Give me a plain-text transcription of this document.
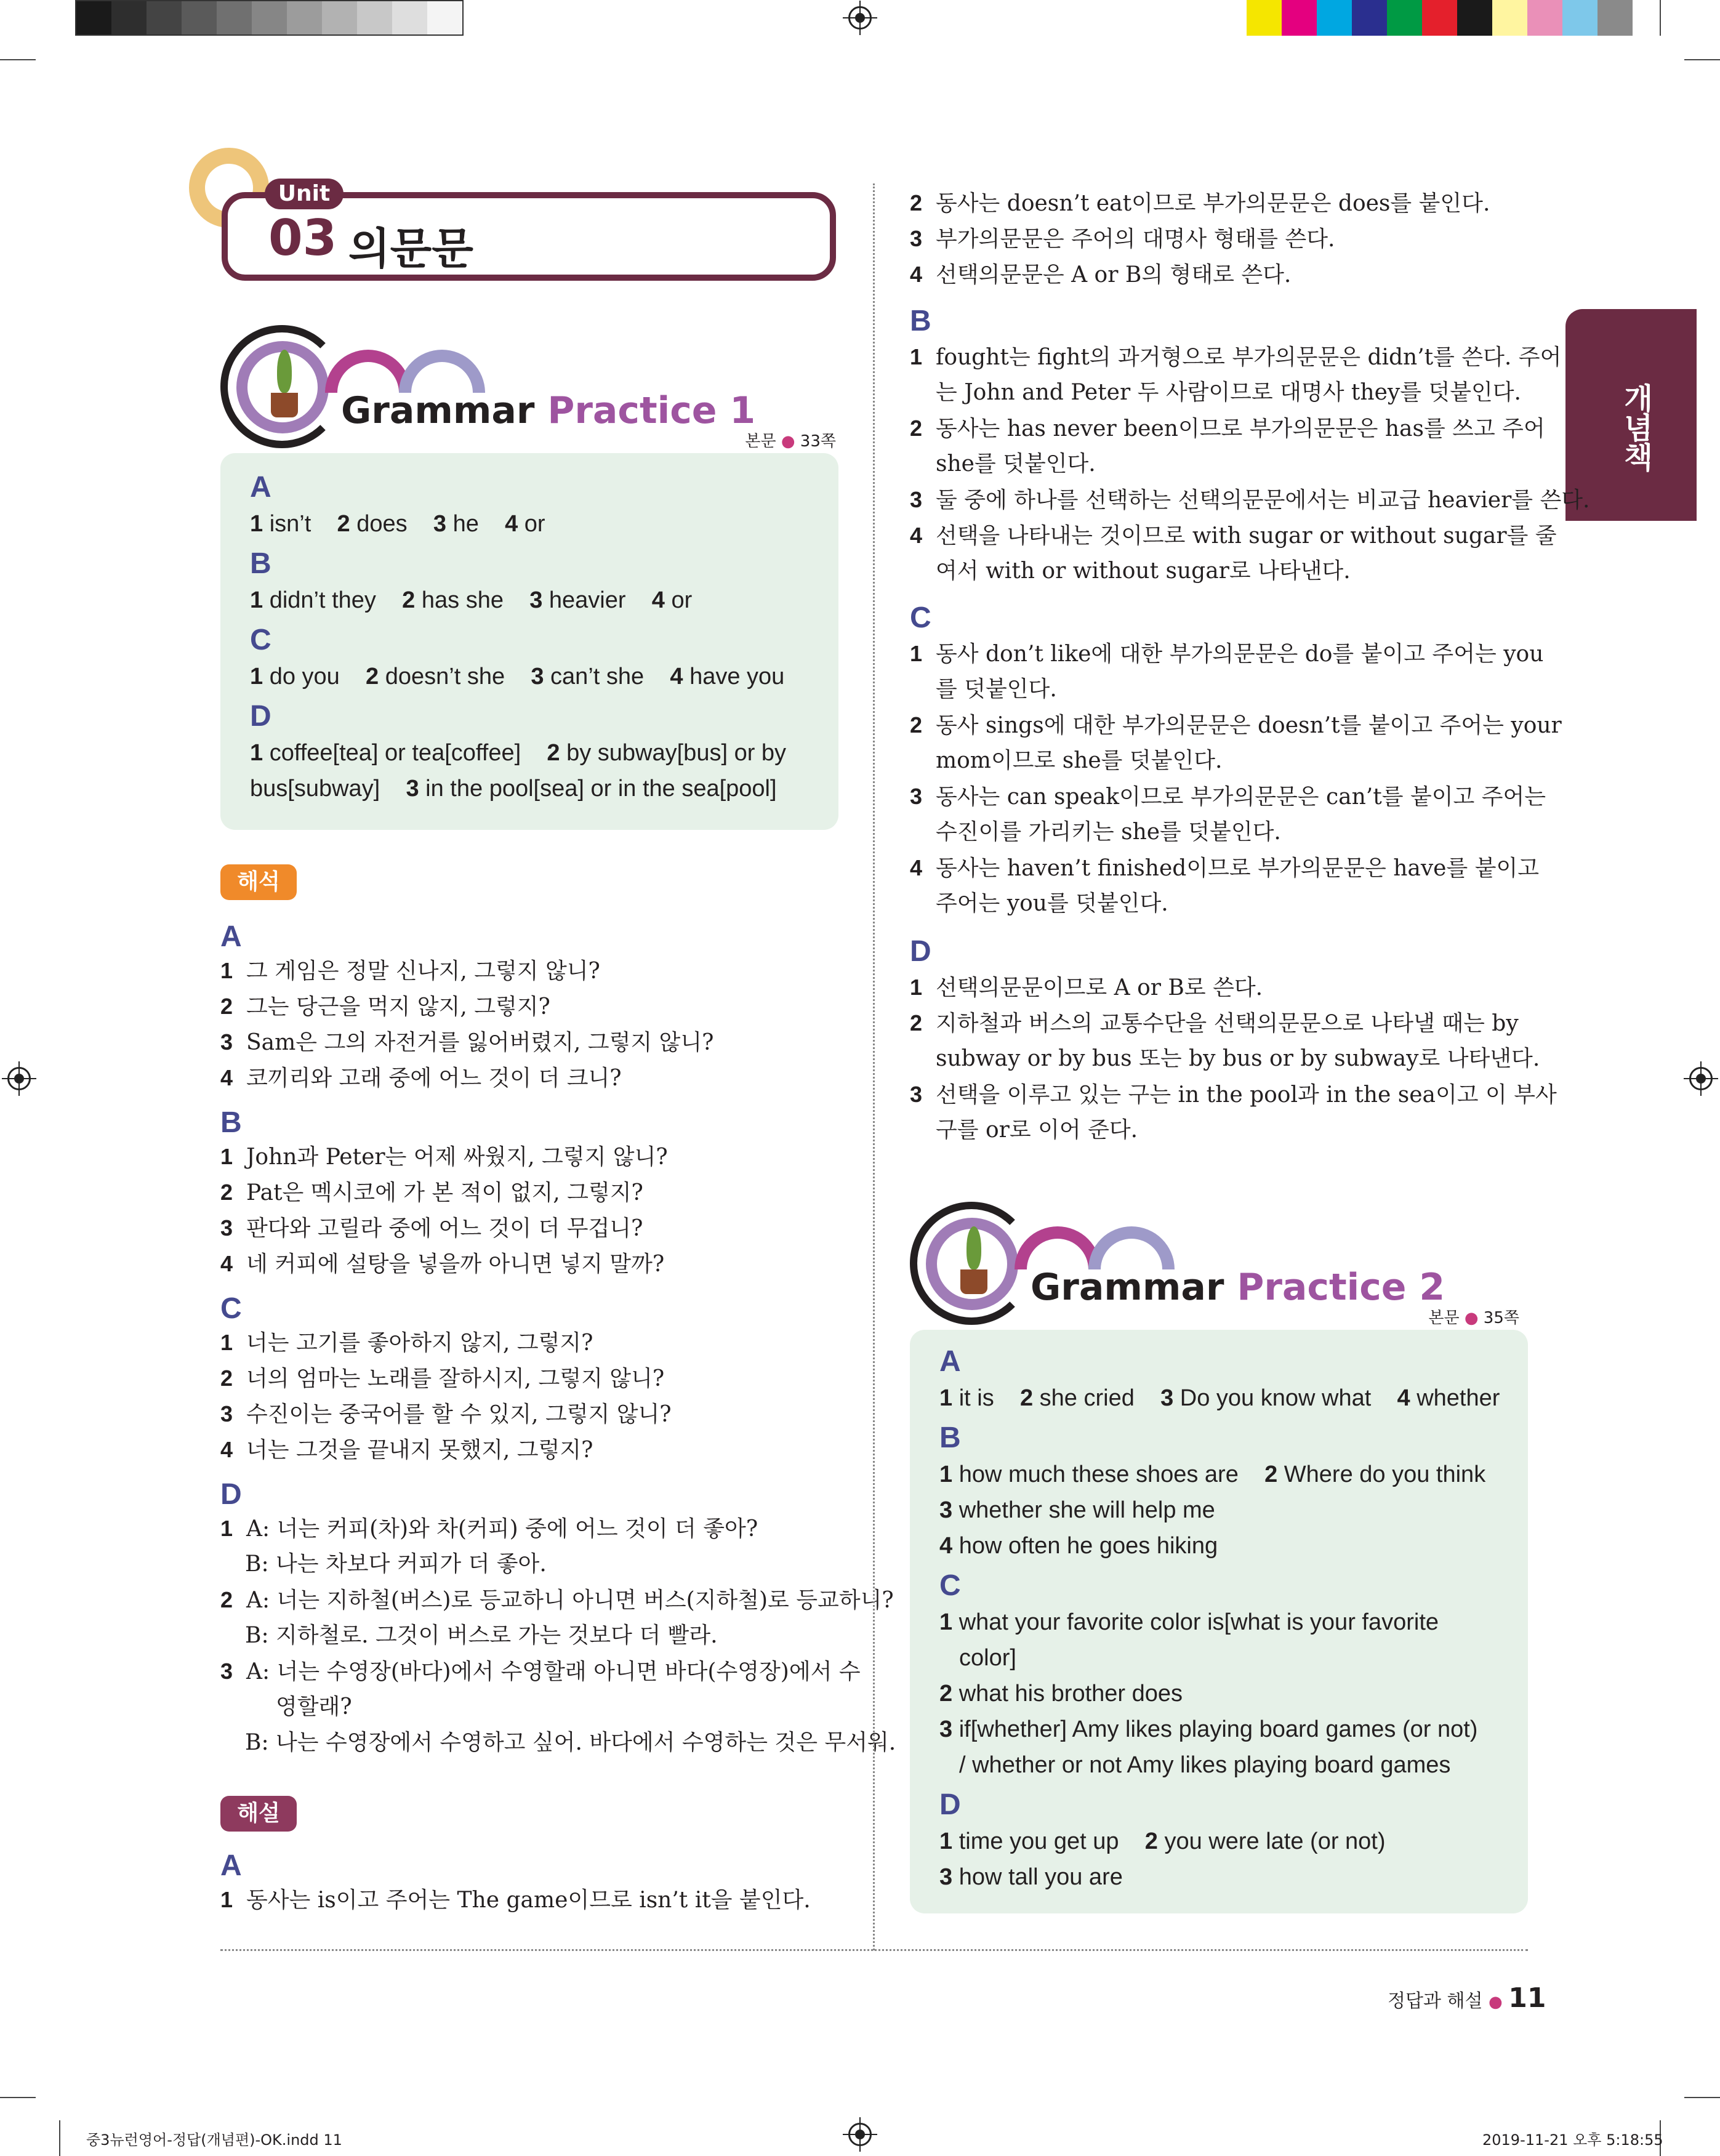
개념책
Unit
03 의문문
Grammar Practice 1
본문 ● 33쪽
A
1 isn’t 2 does 3 he 4 or
B
1 didn’t they 2 has she 3 heavier 4 or
C
1 do you 2 doesn’t she 3 can’t she 4 have you
D
1 coffee[tea] or tea[coffee] 2 by subway[bus] or by
bus[subway] 3 in the pool[sea] or in the sea[pool]
해석
A
1 그 게임은 정말 신나지, 그렇지 않니?
2 그는 당근을 먹지 않지, 그렇지?
3 Sam은 그의 자전거를 잃어버렸지, 그렇지 않니?
4 코끼리와 고래 중에 어느 것이 더 크니?
B
1 John과 Peter는 어제 싸웠지, 그렇지 않니?
2 Pat은 멕시코에 가 본 적이 없지, 그렇지?
3 판다와 고릴라 중에 어느 것이 더 무겁니?
4 네 커피에 설탕을 넣을까 아니면 넣지 말까?
C
1 너는 고기를 좋아하지 않지, 그렇지?
2 너의 엄마는 노래를 잘하시지, 그렇지 않니?
3 수진이는 중국어를 할 수 있지, 그렇지 않니?
4 너는 그것을 끝내지 못했지, 그렇지?
D
1 A: 너는 커피(차)와 차(커피) 중에 어느 것이 더 좋아?
B: 나는 차보다 커피가 더 좋아.
2 A: 너는 지하철(버스)로 등교하니 아니면 버스(지하철)로 등교하니?
B: 지하철로. 그것이 버스로 가는 것보다 더 빨라.
3 A: 너는 수영장(바다)에서 수영할래 아니면 바다(수영장)에서 수
영할래?
B: 나는 수영장에서 수영하고 싶어. 바다에서 수영하는 것은 무서워.
해설
A
1 동사는 is이고 주어는 The game이므로 isn’t it을 붙인다.
2 동사는 doesn’t eat이므로 부가의문문은 does를 붙인다.
3 부가의문문은 주어의 대명사 형태를 쓴다.
4 선택의문문은 A or B의 형태로 쓴다.
B
1 fought는 fight의 과거형으로 부가의문문은 didn’t를 쓴다. 주어
는 John and Peter 두 사람이므로 대명사 they를 덧붙인다.
2 동사는 has never been이므로 부가의문문은 has를 쓰고 주어
she를 덧붙인다.
3 둘 중에 하나를 선택하는 선택의문문에서는 비교급 heavier를 쓴다.
4 선택을 나타내는 것이므로 with sugar or without sugar를 줄
여서 with or without sugar로 나타낸다.
C
1 동사 don’t like에 대한 부가의문문은 do를 붙이고 주어는 you
를 덧붙인다.
2 동사 sings에 대한 부가의문문은 doesn’t를 붙이고 주어는 your
mom이므로 she를 덧붙인다.
3 동사는 can speak이므로 부가의문문은 can’t를 붙이고 주어는
수진이를 가리키는 she를 덧붙인다.
4 동사는 haven’t finished이므로 부가의문문은 have를 붙이고
주어는 you를 덧붙인다.
D
1 선택의문문이므로 A or B로 쓴다.
2 지하철과 버스의 교통수단을 선택의문문으로 나타낼 때는 by
subway or by bus 또는 by bus or by subway로 나타낸다.
3 선택을 이루고 있는 구는 in the pool과 in the sea이고 이 부사
구를 or로 이어 준다.
Grammar Practice 2
본문 ● 35쪽
A
1 it is 2 she cried 3 Do you know what 4 whether
B
1 how much these shoes are 2 Where do you think
3 whether she will help me
4 how often he goes hiking
C
1 what your favorite color is[what is your favorite
color]
2 what his brother does
3 if[whether] Amy likes playing board games (or not)
/ whether or not Amy likes playing board games
D
1 time you get up 2 you were late (or not)
3 how tall you are
정답과 해설 ● 11
중3뉴런영어-정답(개념편)-OK.indd 11	2019-11-21 오후 5:18:55
